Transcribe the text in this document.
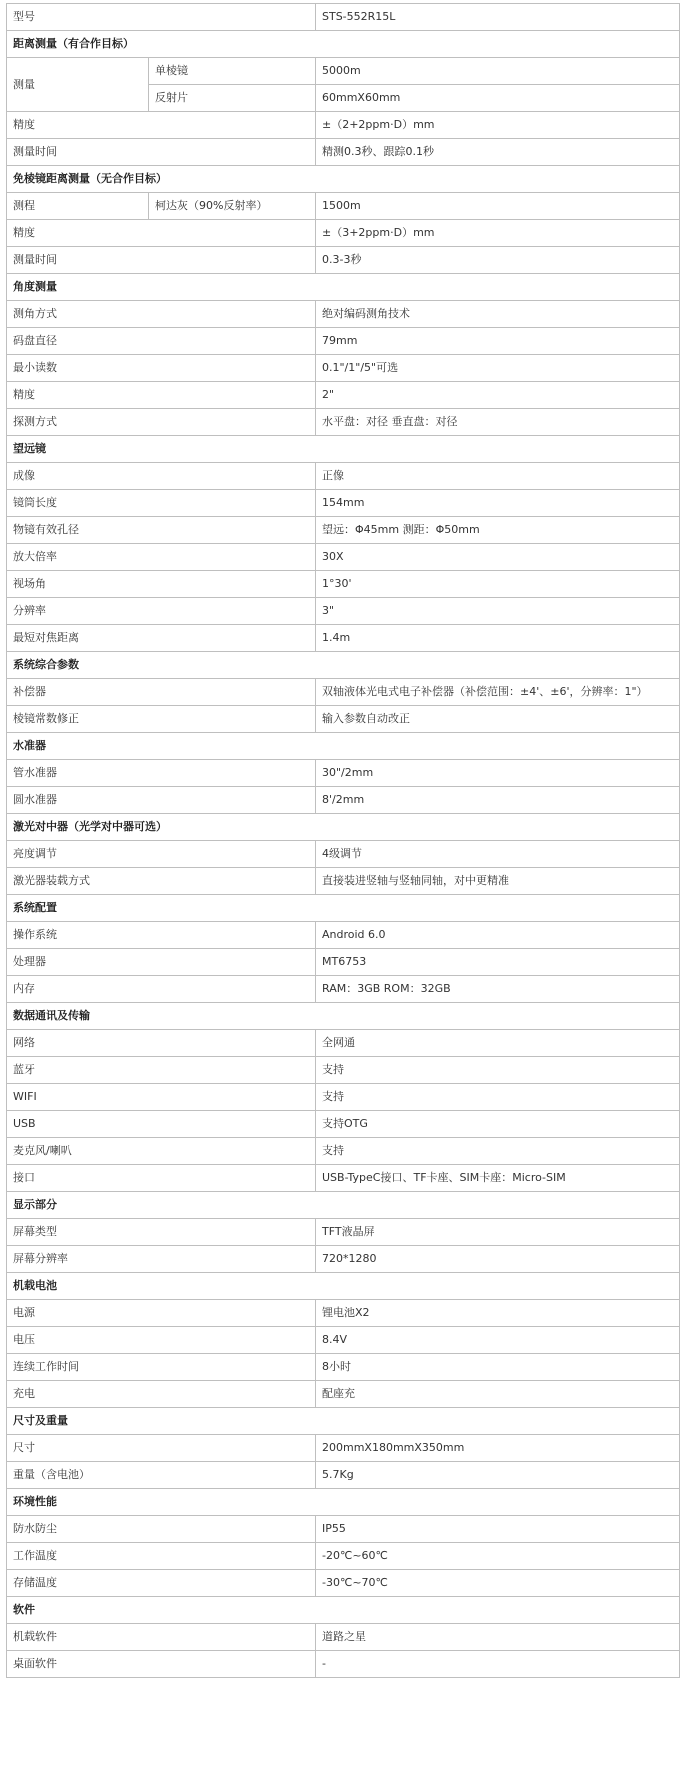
型号		STS-552R15L
距离测量（有合作目标）		
测量	单棱镜	5000m
	反射片	60mmX60mm
精度		±（2+2ppm·D）mm
测量时间		精测0.3秒、跟踪0.1秒
免棱镜距离测量（无合作目标）		
测程	柯达灰（90%反射率）	1500m
精度		±（3+2ppm·D）mm
测量时间		0.3-3秒
角度测量		
测角方式		绝对编码测角技术
码盘直径		79mm
最小读数		0.1"/1"/5"可选
精度		2"
探测方式		水平盘：对径 垂直盘：对径
望远镜		
成像		正像
镜筒长度		154mm
物镜有效孔径		望远：Φ45mm 测距：Φ50mm
放大倍率		30X
视场角		1°30'
分辨率		3"
最短对焦距离		1.4m
系统综合参数		
补偿器		双轴液体光电式电子补偿器（补偿范围：±4'、±6'，分辨率：1"）
棱镜常数修正		输入参数自动改正
水准器		
管水准器		30"/2mm
圆水准器		8'/2mm
激光对中器（光学对中器可选）		
亮度调节		4级调节
激光器装载方式		直接装进竖轴与竖轴同轴，对中更精准
系统配置		
操作系统		Android 6.0
处理器		MT6753
内存		RAM：3GB ROM：32GB
数据通讯及传输		
网络		全网通
蓝牙		支持
WIFI		支持
USB		支持OTG
麦克风/喇叭		支持
接口		USB-TypeC接口、TF卡座、SIM卡座：Micro-SIM
显示部分		
屏幕类型		TFT液晶屏
屏幕分辨率		720*1280
机载电池		
电源		锂电池X2
电压		8.4V
连续工作时间		8小时
充电		配座充
尺寸及重量		
尺寸		200mmX180mmX350mm
重量（含电池）		5.7Kg
环境性能		
防水防尘		IP55
工作温度		-20℃~60℃
存储温度		-30℃~70℃
软件		
机载软件		道路之星
桌面软件		-
